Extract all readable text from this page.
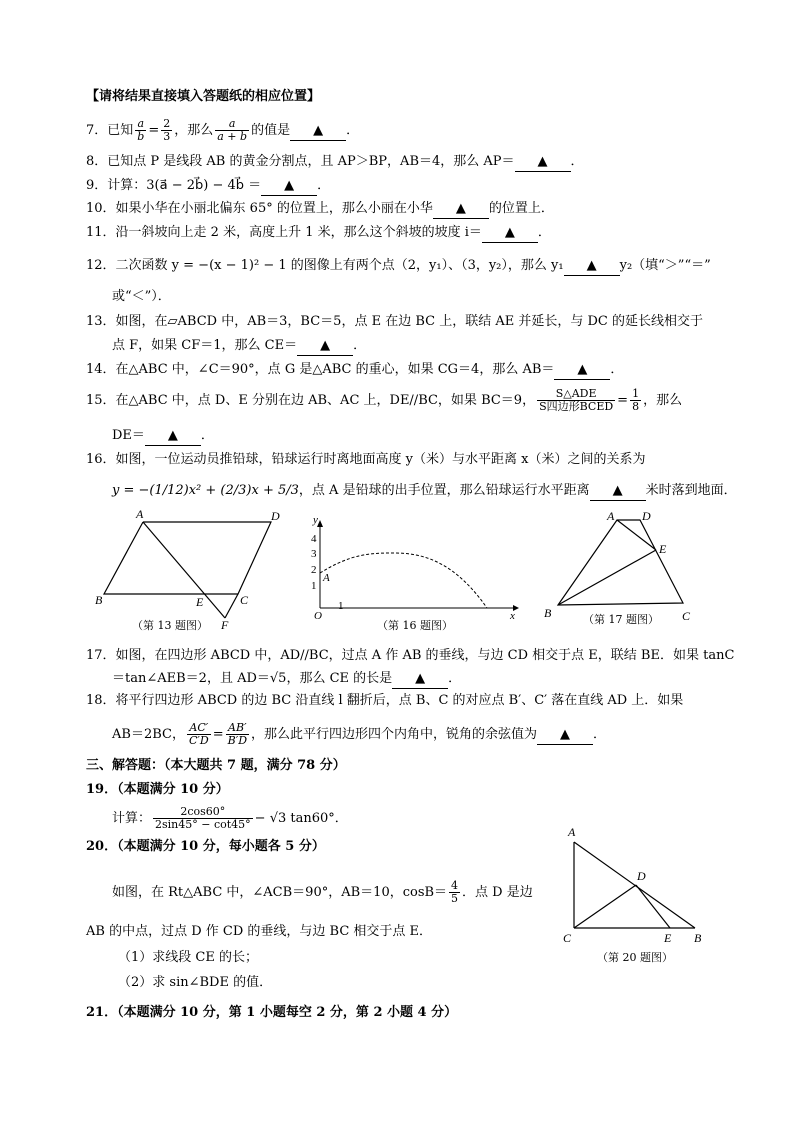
【请将结果直接填入答题纸的相应位置】
7．已知 $\frac{a}{b} = \frac{2}{3}$ ，那么 $\frac{a}{a + b}$ 的值是 ▲ ．
8．已知点 P 是线段 AB 的黄金分割点，且 AP＞BP，AB＝4，那么 AP＝ ▲ ．
9．计算：3(a⃗ − 2b⃗) − 4b⃗ ＝ ▲ ．
10．如果小华在小丽北偏东 65° 的位置上，那么小丽在小华 ▲ 的位置上．
11．沿一斜坡向上走 2 米，高度上升 1 米，那么这个斜坡的坡度 i＝ ▲ ．
12．二次函数 y = −(x − 1)² − 1 的图像上有两个点（2，y₁）、（3，y₂），那么 y₁ ▲ y₂（填“＞”“＝”
或“＜”）．
13．如图，在▱ABCD 中，AB＝3，BC＝5，点 E 在边 BC 上，联结 AE 并延长，与 DC 的延长线相交于
点 F，如果 CF＝1，那么 CE＝ ▲ ．
14．在△ABC 中，∠C＝90°，点 G 是△ABC 的重心，如果 CG＝4，那么 AB＝ ▲ ．
15．在△ABC 中，点 D、E 分别在边 AB、AC 上，DE//BC，如果 BC＝9， $\frac{\text{S△ADE}}{\text{S四边形BCED}} = \frac{1}{8}$ ，那么
DE＝ ▲ ．
16．如图，一位运动员推铅球，铅球运行时离地面高度 y（米）与水平距离 x（米）之间的关系为
y = −(1/12)x² + (2/3)x + 5/3，点 A 是铅球的出手位置，那么铅球运行水平距离 ▲ 米时落到地面．
A	D
B	E	C
F
（第 13 题图）
y
x
O
4
3
2
1
1
A
（第 16 题图）
A D
E
B	C
（第 17 题图）
17．如图，在四边形 ABCD 中，AD//BC，过点 A 作 AB 的垂线，与边 CD 相交于点 E，联结 BE．如果 tanC
＝tan∠AEB＝2，且 AD＝√5，那么 CE 的长是 ▲ ．
18．将平行四边形 ABCD 的边 BC 沿直线 l 翻折后，点 B、C 的对应点 B′、C′ 落在直线 AD 上．如果
AB＝2BC， $\frac{AC'}{C'D} = \frac{AB'}{B'D}$ ，那么此平行四边形四个内角中，锐角的余弦值为 ▲ ．
三、解答题：（本大题共 7 题，满分 78 分）
19．（本题满分 10 分）
计算： $\frac{2\cos 60^\circ}{2\sin 45^\circ - \cot 45^\circ} - √3$ tan60°．
20．（本题满分 10 分，每小题各 5 分）
如图，在 Rt△ABC 中，∠ACB＝90°，AB＝10，$\cos B= \frac{4}{5}$ ．点 D 是边
AB 的中点，过点 D 作 CD 的垂线，与边 BC 相交于点 E．
（1）求线段 CE 的长；
（2）求 sin∠BDE 的值．
A
D
C	E B
（第 20 题图）
21．（本题满分 10 分，第 1 小题每空 2 分，第 2 小题 4 分）
